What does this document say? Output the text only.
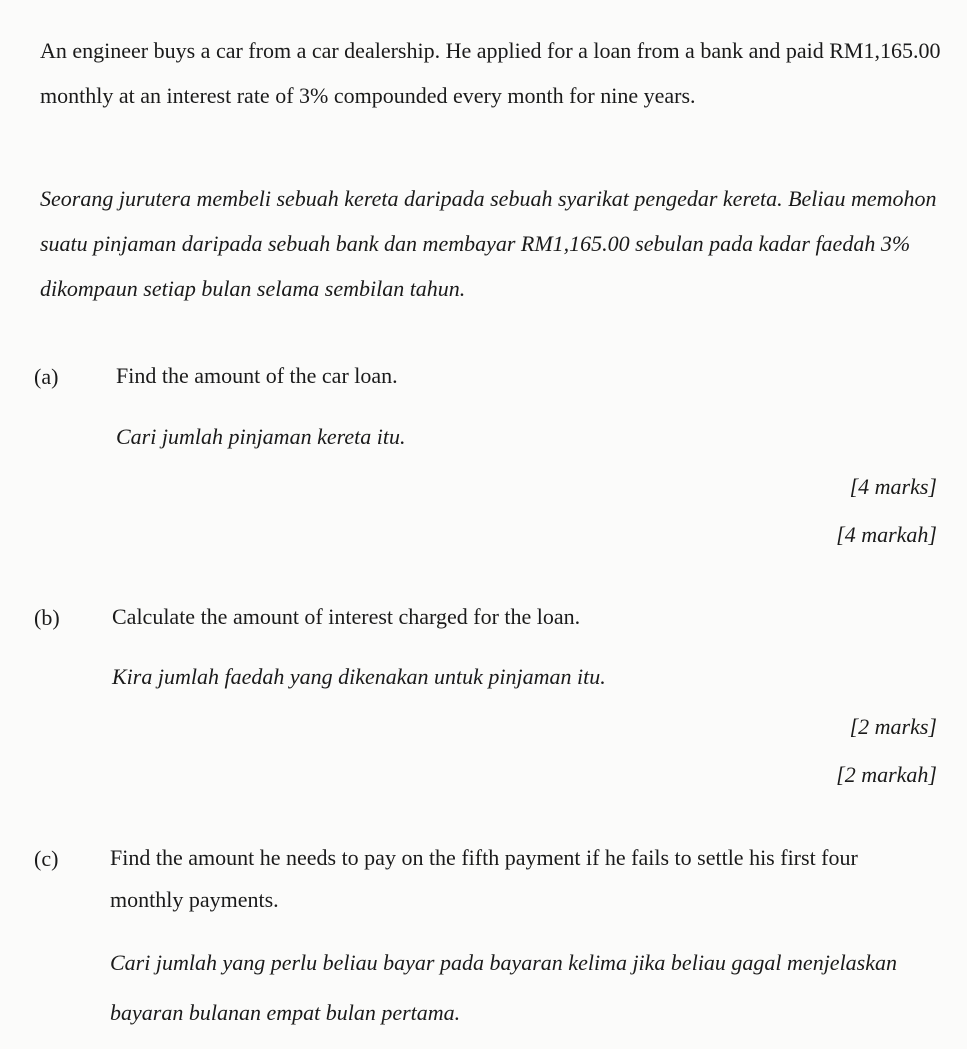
An engineer buys a car from a car dealership. He applied for a loan from a bank and paid RM1,165.00 monthly at an interest rate of 3% compounded every month for nine years.
Seorang jurutera membeli sebuah kereta daripada sebuah syarikat pengedar kereta. Beliau memohon suatu pinjaman daripada sebuah bank dan membayar RM1,165.00 sebulan pada kadar faedah 3% dikompaun setiap bulan selama sembilan tahun.
(a)	Find the amount of the car loan.
Cari jumlah pinjaman kereta itu.
[4 marks]
[4 markah]
(b) Calculate the amount of interest charged for the loan.
Kira jumlah faedah yang dikenakan untuk pinjaman itu.
[2 marks]
[2 markah]
(c) Find the amount he needs to pay on the fifth payment if he fails to settle his first four monthly payments.
Cari jumlah yang perlu beliau bayar pada bayaran kelima jika beliau gagal menjelaskan bayaran bulanan empat bulan pertama.
